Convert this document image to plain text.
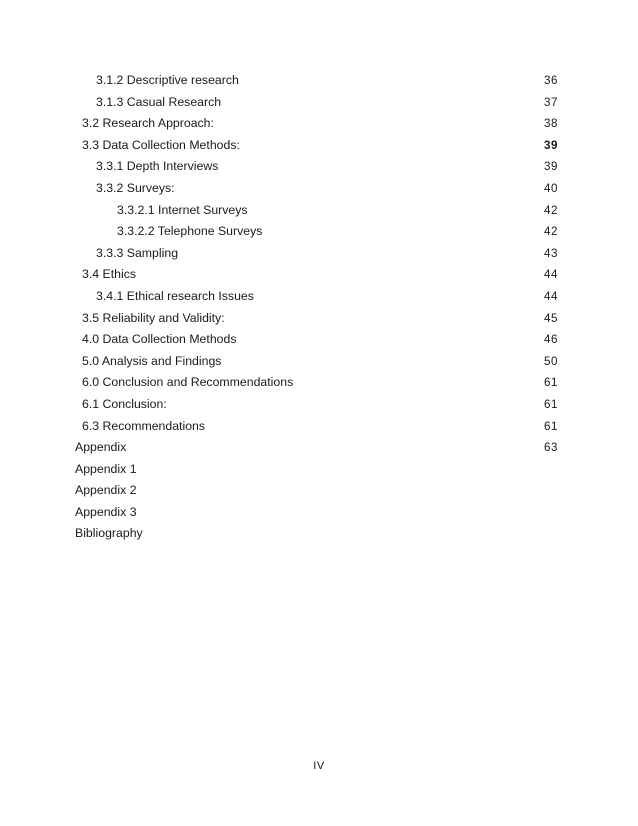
3.1.2 Descriptive research	36
3.1.3 Casual Research	37
3.2 Research Approach:	38
3.3 Data Collection Methods:	39
3.3.1 Depth Interviews	39
3.3.2 Surveys:	40
3.3.2.1 Internet Surveys	42
3.3.2.2 Telephone Surveys	42
3.3.3 Sampling	43
3.4 Ethics	44
3.4.1 Ethical research Issues	44
3.5 Reliability and Validity:	45
4.0 Data Collection Methods	46
5.0 Analysis and Findings	50
6.0 Conclusion and Recommendations	61
6.1 Conclusion:	61
6.3 Recommendations	61
Appendix	63
Appendix 1
Appendix 2
Appendix 3
Bibliography
IV
